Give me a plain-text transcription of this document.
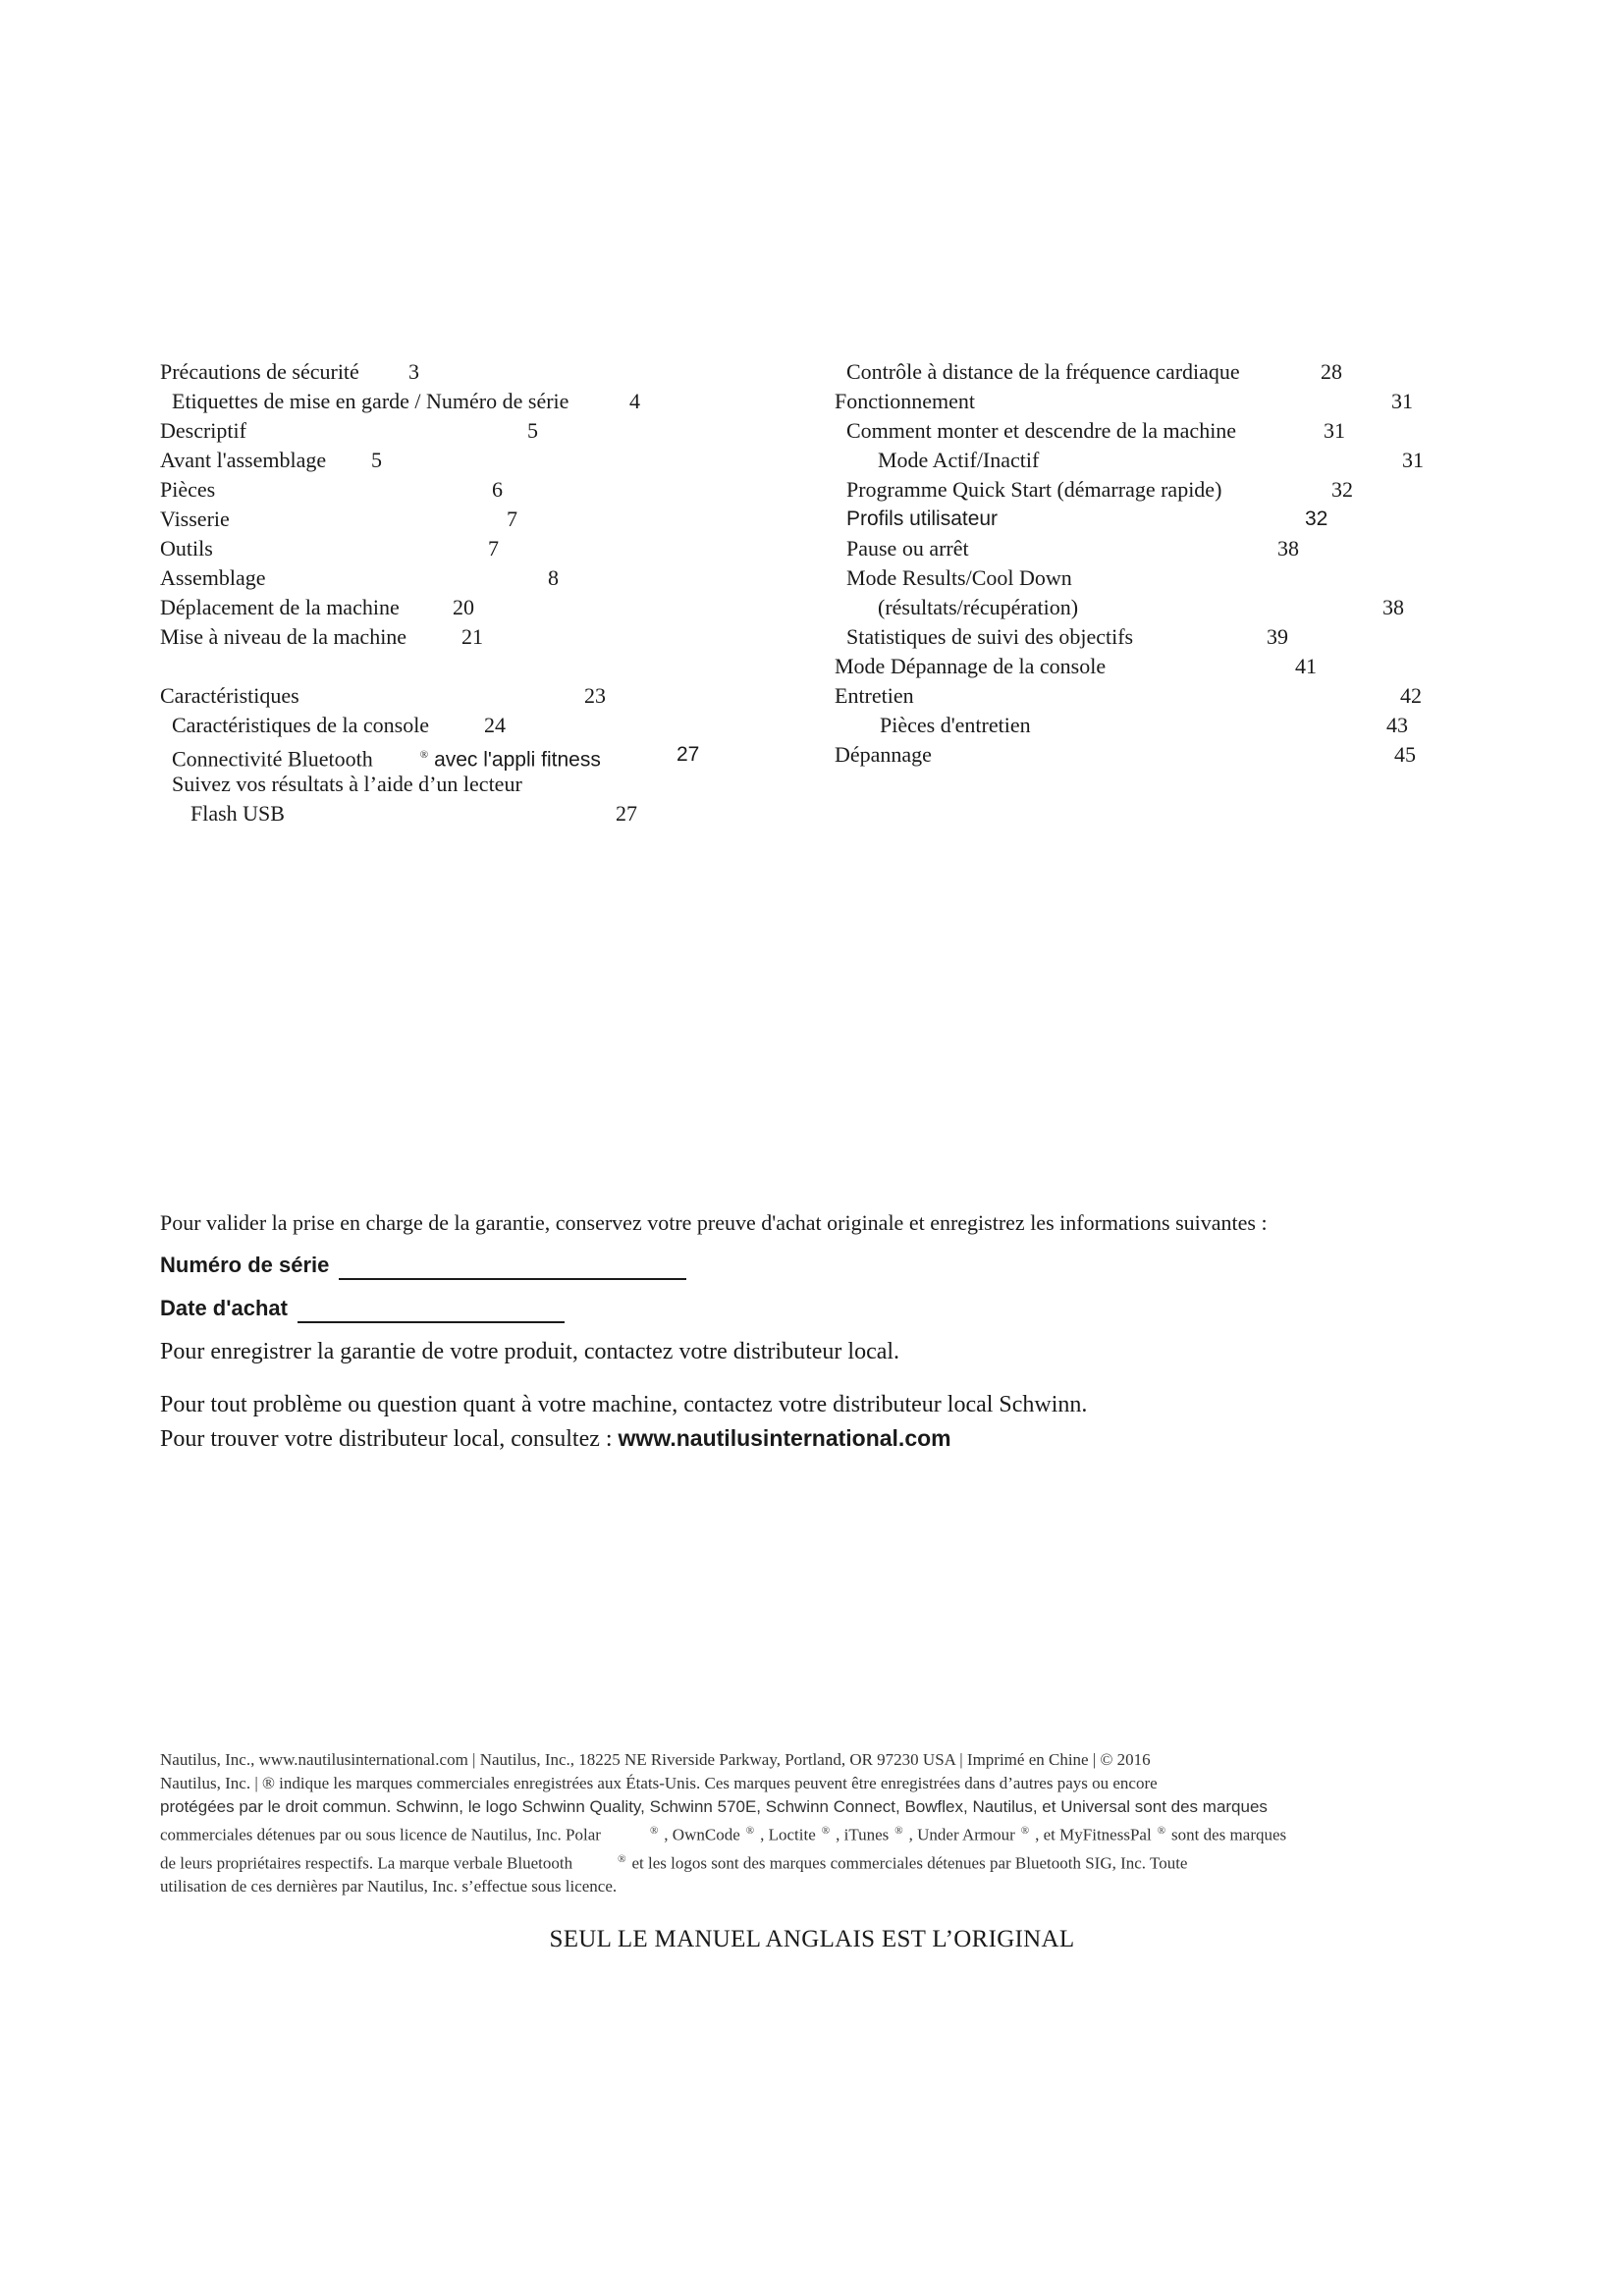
Précautions de sécurité 3
Etiquettes de mise en garde / Numéro de série	4
Descriptif	5
Avant l'assemblage 5
Pièces	6
Visserie	7
Outils	7
Assemblage	8
Déplacement de la machine 20
Mise à niveau de la machine	21
Caractéristiques	23
Caractéristiques de la console	24
Connectivité Bluetooth	® avec l'appli fitness	27
Suivez vos résultats à l’aide d’un lecteur
Flash USB	27
Contrôle à distance de la fréquence cardiaque	28
Fonctionnement	31
Comment monter et descendre de la machine	31
Mode Actif/Inactif	31
Programme Quick Start (démarrage rapide)	32
Profils utilisateur	32
Pause ou arrêt	38
Mode Results/Cool Down
(résultats/récupération)	38
Statistiques de suivi des objectifs	39
Mode Dépannage de la console	41
Entretien	42
Pièces d'entretien	43
Dépannage	45
Pour valider la prise en charge de la garantie, conservez votre preuve d'achat originale et enregistrez les informations suivantes :
Numéro de série
Date d'achat
Pour enregistrer la garantie de votre produit, contactez votre distributeur local.
Pour tout problème ou question quant à votre machine, contactez votre distributeur local Schwinn.
Pour trouver votre distributeur local, consultez : www.nautilusinternational.com
Nautilus, Inc., www.nautilusinternational.com | Nautilus, Inc., 18225 NE Riverside Parkway, Portland, OR 97230 USA | Imprimé en Chine | © 2016
Nautilus, Inc. | ® indique les marques commerciales enregistrées aux États-Unis. Ces marques peuvent être enregistrées dans d’autres pays ou encore
protégées par le droit commun. Schwinn, le logo Schwinn Quality, Schwinn 570E, Schwinn Connect, Bowflex, Nautilus, et Universal sont des marques
commerciales détenues par ou sous licence de Nautilus, Inc. Polar	® , OwnCode ® , Loctite ® , iTunes ® , Under Armour ® , et MyFitnessPal ® sont des marques
de leurs propriétaires respectifs. La marque verbale Bluetooth	® et les logos sont des marques commerciales détenues par Bluetooth SIG, Inc. Toute
utilisation de ces dernières par Nautilus, Inc. s’effectue sous licence.
SEUL LE MANUEL ANGLAIS EST L’ORIGINAL
